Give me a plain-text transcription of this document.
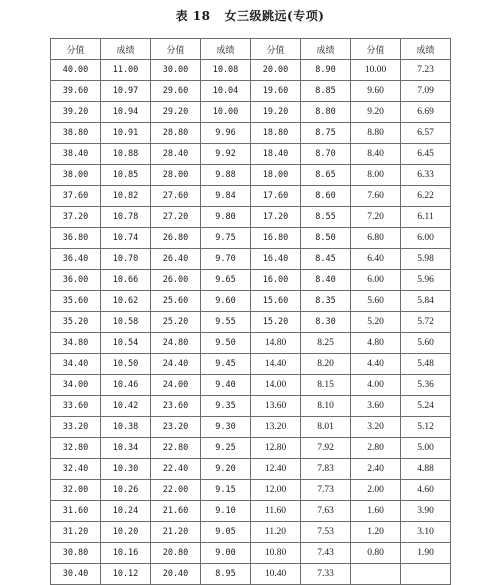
表 18 女三级跳远(专项)
分值	成绩	分值	成绩	分值	成绩	分值	成绩
40.00	11.00	30.00	10.08	20.00	8.90	10.00	7.23
39.60	10.97	29.60	10.04	19.60	8.85	9.60	7.09
39.20	10.94	29.20	10.00	19.20	8.80	9.20	6.69
38.80	10.91	28.80	9.96	18.80	8.75	8.80	6.57
38.40	10.88	28.40	9.92	18.40	8.70	8.40	6.45
38.00	10.85	28.00	9.88	18.00	8.65	8.00	6.33
37.60	10.82	27.60	9.84	17.60	8.60	7.60	6.22
37.20	10.78	27.20	9.80	17.20	8.55	7.20	6.11
36.80	10.74	26.80	9.75	16.80	8.50	6.80	6.00
36.40	10.70	26.40	9.70	16.40	8.45	6.40	5.98
36.00	10.66	26.00	9.65	16.00	8.40	6.00	5.96
35.60	10.62	25.60	9.60	15.60	8.35	5.60	5.84
35.20	10.58	25.20	9.55	15.20	8.30	5.20	5.72
34.80	10.54	24.80	9.50	14.80	8.25	4.80	5.60
34.40	10.50	24.40	9.45	14.40	8.20	4.40	5.48
34.00	10.46	24.00	9.40	14.00	8.15	4.00	5.36
33.60	10.42	23.60	9.35	13.60	8.10	3.60	5.24
33.20	10.38	23.20	9.30	13.20	8.01	3.20	5.12
32.80	10.34	22.80	9.25	12.80	7.92	2.80	5.00
32.40	10.30	22.40	9.20	12.40	7.83	2.40	4.88
32.00	10.26	22.00	9.15	12.00	7.73	2.00	4.60
31.60	10.24	21.60	9.10	11.60	7.63	1.60	3.90
31.20	10.20	21.20	9.05	11.20	7.53	1.20	3.10
30.80	10.16	20.80	9.00	10.80	7.43	0.80	1.90
30.40	10.12	20.40	8.95	10.40	7.33		
